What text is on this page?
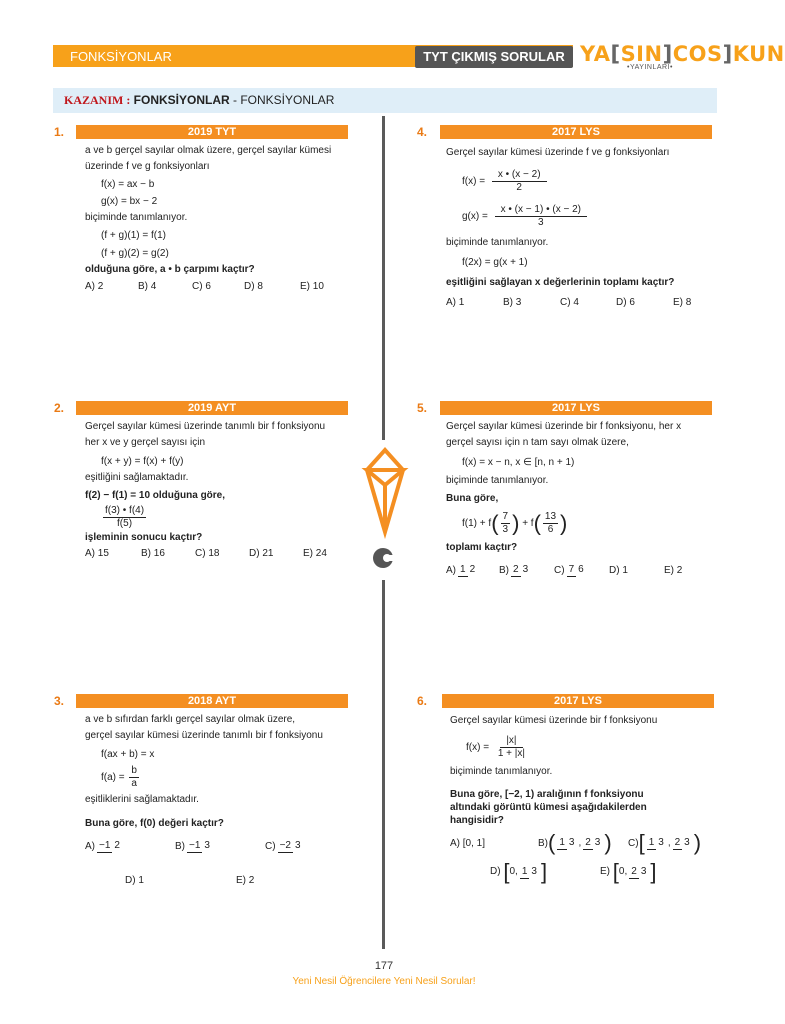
FONKSİYONLAR	TYT ÇIKMIŞ SORULAR YA[SIN]COS]KUN
•YAYINLARI•
KAZANIM : FONKSİYONLAR - FONKSİYONLAR
1.	2019 TYT

a ve b gerçel sayılar olmak üzere, gerçel sayılar kümesi

üzerinde f ve g fonksiyonları

f(x) = ax − b

g(x) = bx − 2

biçiminde tanımlanıyor.

(f + g)(1) = f(1)

(f + g)(2) = g(2)

olduğuna göre, a • b çarpımı kaçtır?

A) 2	B) 4	C) 6	D) 8	E) 10
2.	2019 AYT

Gerçel sayılar kümesi üzerinde tanımlı bir f fonksiyonu

her x ve y gerçel sayısı için

f(x + y) = f(x) + f(y)

eşitliğini sağlamaktadır.

f(2) − f(1) = 10 olduğuna göre,

$\frac{f(3) • f(4)}{f(5)}$

işleminin sonucu kaçtır?

A) 15	B) 16	C) 18	D) 21	E) 24
3.	2018 AYT

a ve b sıfırdan farklı gerçel sayılar olmak üzere,

gerçel sayılar kümesi üzerinde tanımlı bir f fonksiyonu

f(ax + b) = x

$f(a) = \frac{b}{a}$

eşitliklerini sağlamaktadır.

Buna göre, f(0) değeri kaçtır?

A) −1 2	B) −1 3	C) −2 3
D) 1	E) 2
4.	2017 LYS

Gerçel sayılar kümesi üzerinde f ve g fonksiyonları

$f(x) = \frac{x • (x - 2)}{2}$
$g(x) = \frac{x • (x - 1) • (x - 2)}{3}$

biçiminde tanımlanıyor.

f(2x) = g(x + 1)

eşitliğini sağlayan x değerlerinin toplamı kaçtır?

A) 1	B) 3	C) 4	D) 6	E) 8
5.	2017 LYS

Gerçel sayılar kümesi üzerinde bir f fonksiyonu, her x

gerçel sayısı için n tam sayı olmak üzere,

f(x) = x − n, x ∈ [n, n + 1)

biçiminde tanımlanıyor.

Buna göre,

$f(1) + f( \frac{7}{3}$ ) + $f( \frac{13}{6}$ )

toplamı kaçtır?

A) 1 2 B) 2 3	C) 7 6	D) 1	E) 2
6.	2017 LYS

Gerçel sayılar kümesi üzerinde bir f fonksiyonu

$f(x) = \frac{|x|}{1 + |x|}$

biçiminde tanımlanıyor.

Buna göre, [−2, 1) aralığının f fonksiyonu

altındaki görüntü kümesi aşağıdakilerden

hangisidir?

A) [0, 1]	B)( 1 3 , 2 3 ) C)[ 1 3 , 2 3 )
D) [0, 1 3 ]	E) [0, 2 3 ]
177
Yeni Nesil Öğrencilere Yeni Nesil Sorular!
